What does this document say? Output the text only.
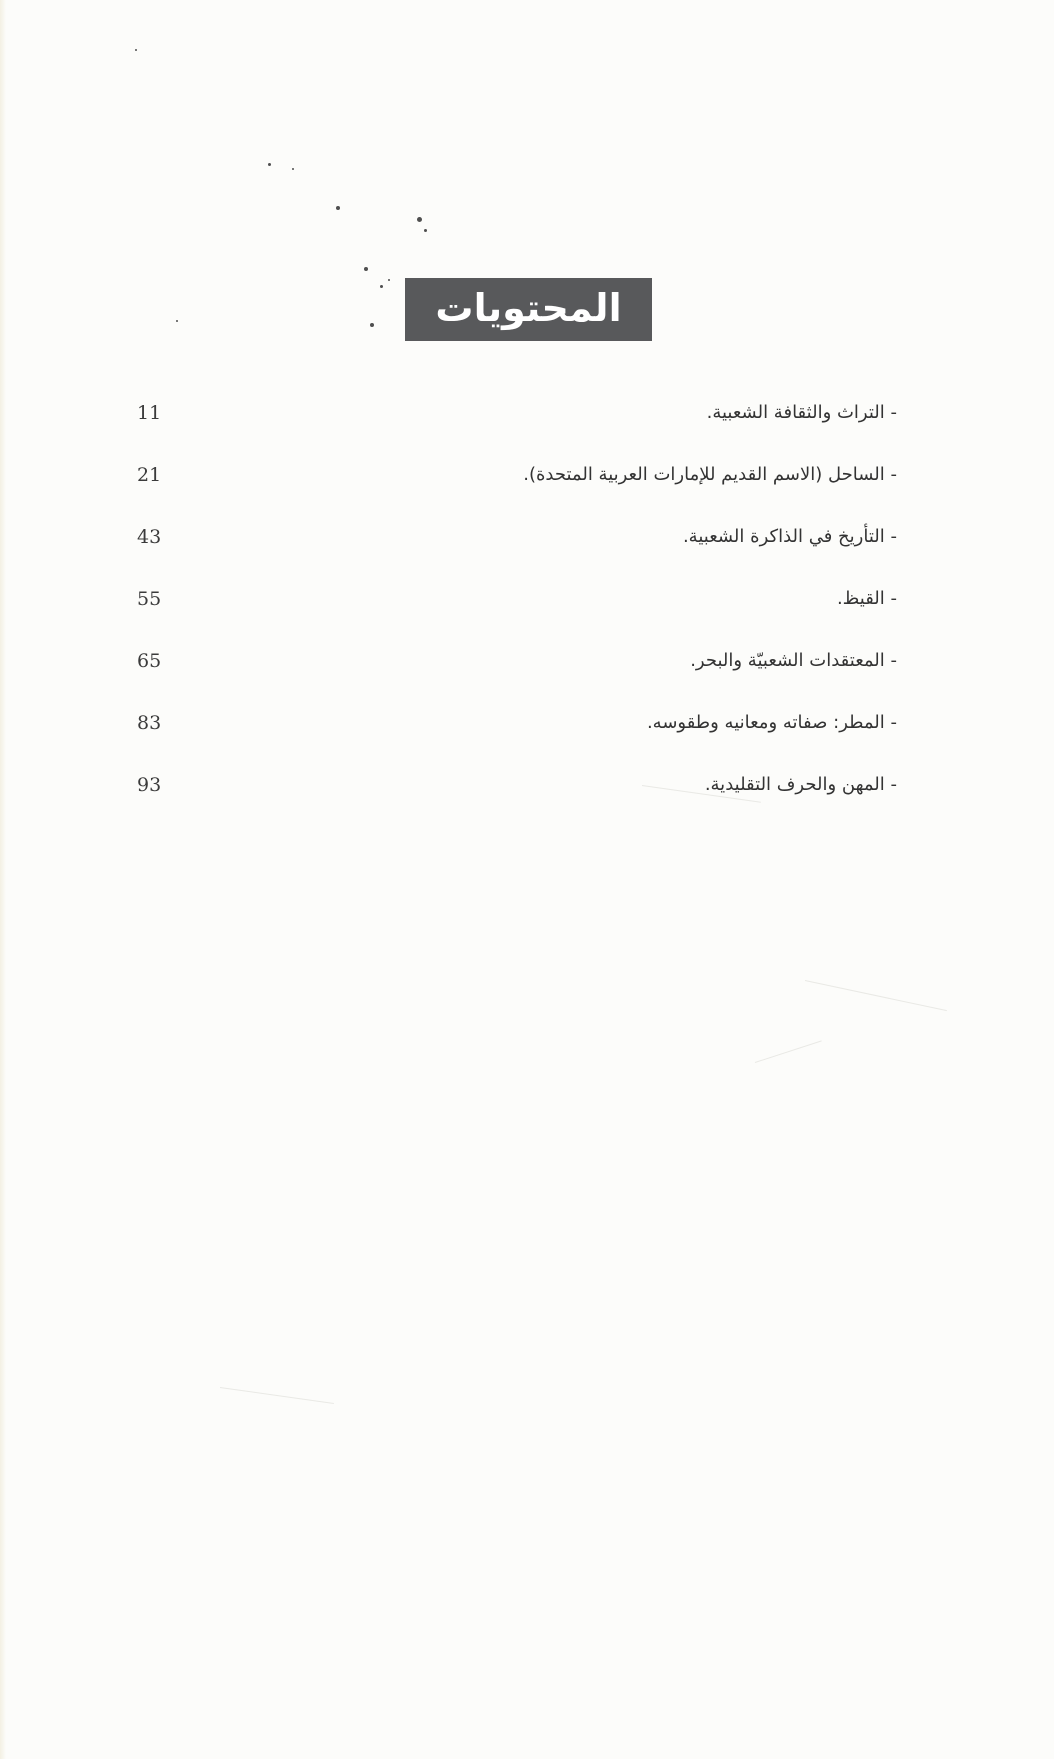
المحتويات
- التراث والثقافة الشعبية.
11
- الساحل (الاسم القديم للإمارات العربية المتحدة).
21
- التأريخ في الذاكرة الشعبية.
43
- القيظ.
55
- المعتقدات الشعبيّة والبحر.
65
- المطر: صفاته ومعانيه وطقوسه.
83
- المهن والحرف التقليدية.
93
